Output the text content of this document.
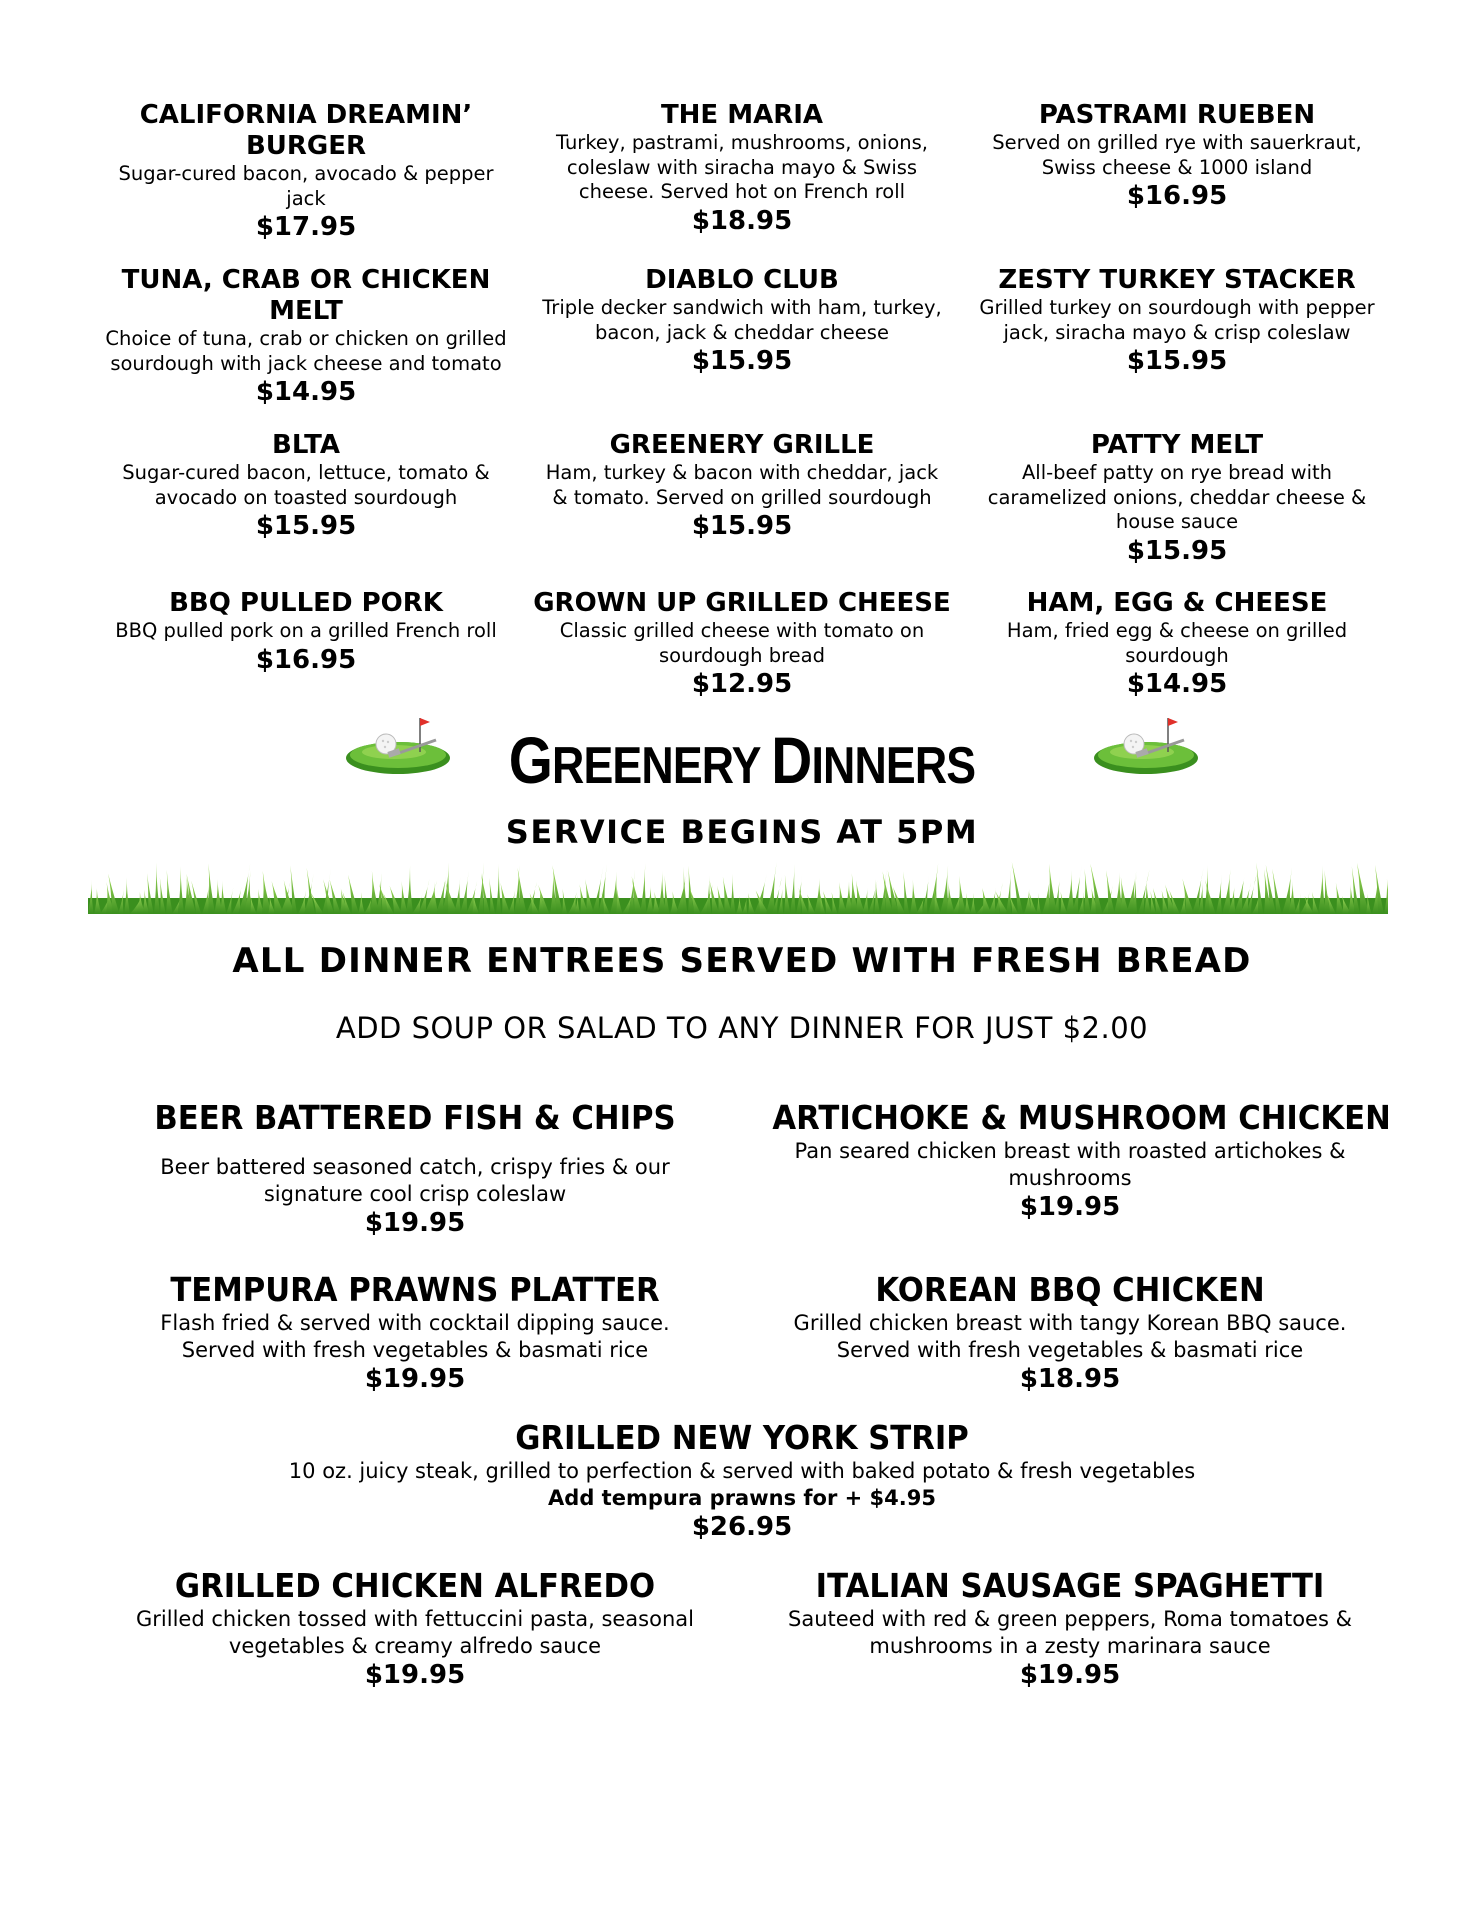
CALIFORNIA DREAMIN’
BURGER
Sugar-cured bacon, avocado & pepper
jack
$17.95
THE MARIA
Turkey, pastrami, mushrooms, onions,
coleslaw with siracha mayo & Swiss
cheese. Served hot on French roll
$18.95
PASTRAMI RUEBEN
Served on grilled rye with sauerkraut,
Swiss cheese & 1000 island
$16.95
TUNA, CRAB OR CHICKEN
MELT
Choice of tuna, crab or chicken on grilled
sourdough with jack cheese and tomato
$14.95
DIABLO CLUB
Triple decker sandwich with ham, turkey,
bacon, jack & cheddar cheese
$15.95
ZESTY TURKEY STACKER
Grilled turkey on sourdough with pepper
jack, siracha mayo & crisp coleslaw
$15.95
BLTA
Sugar-cured bacon, lettuce, tomato &
avocado on toasted sourdough
$15.95
GREENERY GRILLE
Ham, turkey & bacon with cheddar, jack
& tomato. Served on grilled sourdough
$15.95
PATTY MELT
All-beef patty on rye bread with
caramelized onions, cheddar cheese &
house sauce
$15.95
BBQ PULLED PORK
BBQ pulled pork on a grilled French roll
$16.95
GROWN UP GRILLED CHEESE
Classic grilled cheese with tomato on
sourdough bread
$12.95
HAM, EGG & CHEESE
Ham, fried egg & cheese on grilled
sourdough
$14.95
GREENERY DINNERS
SERVICE BEGINS AT 5PM
ALL DINNER ENTREES SERVED WITH FRESH BREAD
ADD SOUP OR SALAD TO ANY DINNER FOR JUST $2.00
BEER BATTERED FISH & CHIPS
Beer battered seasoned catch, crispy fries & our
signature cool crisp coleslaw
$19.95
ARTICHOKE & MUSHROOM CHICKEN
Pan seared chicken breast with roasted artichokes &
mushrooms
$19.95
TEMPURA PRAWNS PLATTER
Flash fried & served with cocktail dipping sauce.
Served with fresh vegetables & basmati rice
$19.95
KOREAN BBQ CHICKEN
Grilled chicken breast with tangy Korean BBQ sauce.
Served with fresh vegetables & basmati rice
$18.95
GRILLED NEW YORK STRIP
10 oz. juicy steak, grilled to perfection & served with baked potato & fresh vegetables
Add tempura prawns for + $4.95
$26.95
GRILLED CHICKEN ALFREDO
Grilled chicken tossed with fettuccini pasta, seasonal
vegetables & creamy alfredo sauce
$19.95
ITALIAN SAUSAGE SPAGHETTI
Sauteed with red & green peppers, Roma tomatoes &
mushrooms in a zesty marinara sauce
$19.95
